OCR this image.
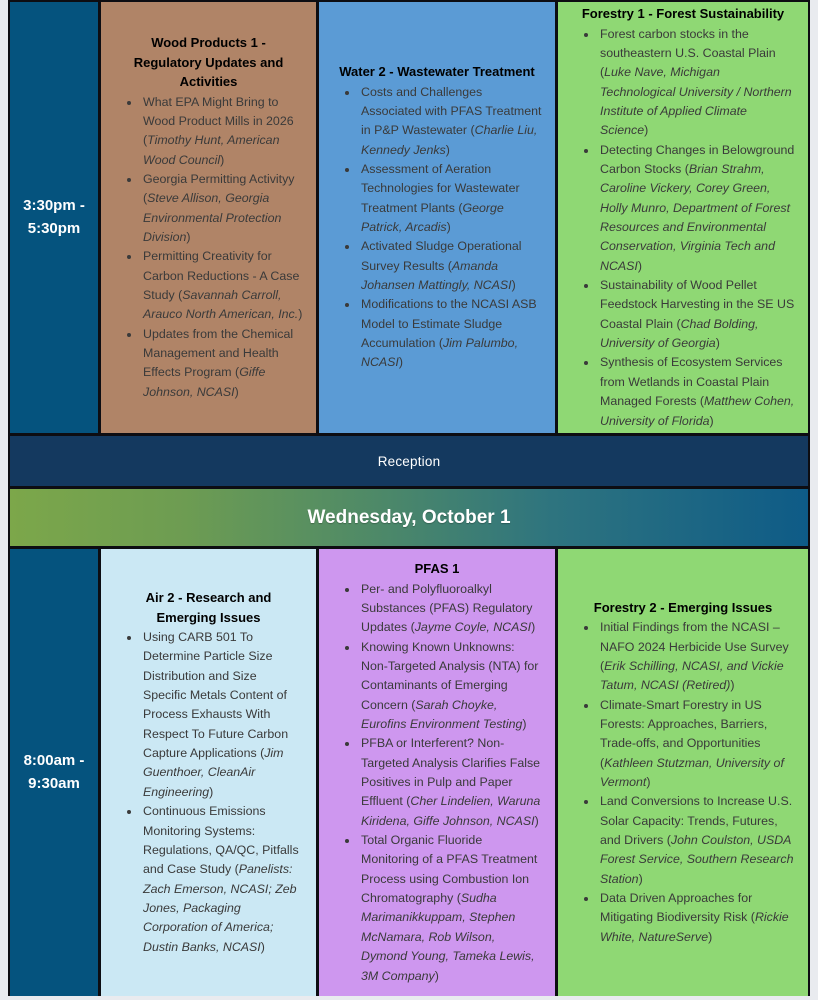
3:30pm - 5:30pm
Wood Products 1 - Regulatory Updates and Activities
• What EPA Might Bring to Wood Product Mills in 2026 (Timothy Hunt, American Wood Council)
• Georgia Permitting Activityy (Steve Allison, Georgia Environmental Protection Division)
• Permitting Creativity for Carbon Reductions - A Case Study (Savannah Carroll, Arauco North American, Inc.)
• Updates from the Chemical Management and Health Effects Program (Giffe Johnson, NCASI)
Water 2 - Wastewater Treatment
• Costs and Challenges Associated with PFAS Treatment in P&P Wastewater (Charlie Liu, Kennedy Jenks)
• Assessment of Aeration Technologies for Wastewater Treatment Plants (George Patrick, Arcadis)
• Activated Sludge Operational Survey Results (Amanda Johansen Mattingly, NCASI)
• Modifications to the NCASI ASB Model to Estimate Sludge Accumulation (Jim Palumbo, NCASI)
Forestry 1 - Forest Sustainability
• Forest carbon stocks in the southeastern U.S. Coastal Plain (Luke Nave, Michigan Technological University / Northern Institute of Applied Climate Science)
• Detecting Changes in Belowground Carbon Stocks (Brian Strahm, Caroline Vickery, Corey Green, Holly Munro, Department of Forest Resources and Environmental Conservation, Virginia Tech and NCASI)
• Sustainability of Wood Pellet Feedstock Harvesting in the SE US Coastal Plain (Chad Bolding, University of Georgia)
• Synthesis of Ecosystem Services from Wetlands in Coastal Plain Managed Forests (Matthew Cohen, University of Florida)
Reception
Wednesday, October 1
8:00am - 9:30am
Air 2 - Research and Emerging Issues
• Using CARB 501 To Determine Particle Size Distribution and Size Specific Metals Content of Process Exhausts With Respect To Future Carbon Capture Applications (Jim Guenthoer, CleanAir Engineering)
• Continuous Emissions Monitoring Systems: Regulations, QA/QC, Pitfalls and Case Study (Panelists: Zach Emerson, NCASI; Zeb Jones, Packaging Corporation of America; Dustin Banks, NCASI)
PFAS 1
• Per- and Polyfluoroalkyl Substances (PFAS) Regulatory Updates (Jayme Coyle, NCASI)
• Knowing Known Unknowns: Non-Targeted Analysis (NTA) for Contaminants of Emerging Concern (Sarah Choyke, Eurofins Environment Testing)
• PFBA or Interferent? Non-Targeted Analysis Clarifies False Positives in Pulp and Paper Effluent (Cher Lindelien, Waruna Kiridena, Giffe Johnson, NCASI)
• Total Organic Fluoride Monitoring of a PFAS Treatment Process using Combustion Ion Chromatography (Sudha Marimanikkuppam, Stephen McNamara, Rob Wilson, Dymond Young, Tameka Lewis, 3M Company)
Forestry 2 - Emerging Issues
• Initial Findings from the NCASI – NAFO 2024 Herbicide Use Survey (Erik Schilling, NCASI, and Vickie Tatum, NCASI (Retired))
• Climate-Smart Forestry in US Forests: Approaches, Barriers, Trade-offs, and Opportunities (Kathleen Stutzman, University of Vermont)
• Land Conversions to Increase U.S. Solar Capacity: Trends, Futures, and Drivers (John Coulston, USDA Forest Service, Southern Research Station)
• Data Driven Approaches for Mitigating Biodiversity Risk (Rickie White, NatureServe)
